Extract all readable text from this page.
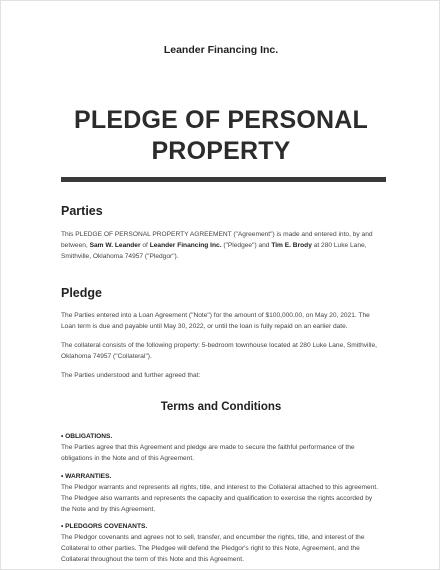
Leander Financing Inc.
PLEDGE OF PERSONAL
PROPERTY
Parties
This PLEDGE OF PERSONAL PROPERTY AGREEMENT ("Agreement") is made and entered into, by and between, Sam W. Leander of Leander Financing Inc. ("Pledgee") and Tim E. Brody at 280 Luke Lane, Smithville, Oklahoma 74957 ("Pledgor").
Pledge
The Parties entered into a Loan Agreement ("Note") for the amount of $100,000.00, on May 20, 2021. The Loan term is due and payable until May 30, 2022, or until the loan is fully repaid on an earlier date.
The collateral consists of the following property: 5-bedroom townhouse located at 280 Luke Lane, Smithville, Oklahoma 74957 ("Collateral").
The Parties understood and further agreed that:
Terms and Conditions
• OBLIGATIONS.
The Parties agree that this Agreement and pledge are made to secure the faithful performance of the obligations in the Note and of this Agreement.
• WARRANTIES.
The Pledgor warrants and represents all rights, title, and interest to the Collateral attached to this agreement. The Pledgee also warrants and represents the capacity and qualification to exercise the rights accorded by the Note and by this Agreement.
• PLEDGORS COVENANTS.
The Pledgor covenants and agrees not to sell, transfer, and encumber the rights, title, and interest of the Collateral to other parties. The Pledgee will defend the Pledgor's right to this Note, Agreement, and the Collateral throughout the term of this Note and this Agreement.
